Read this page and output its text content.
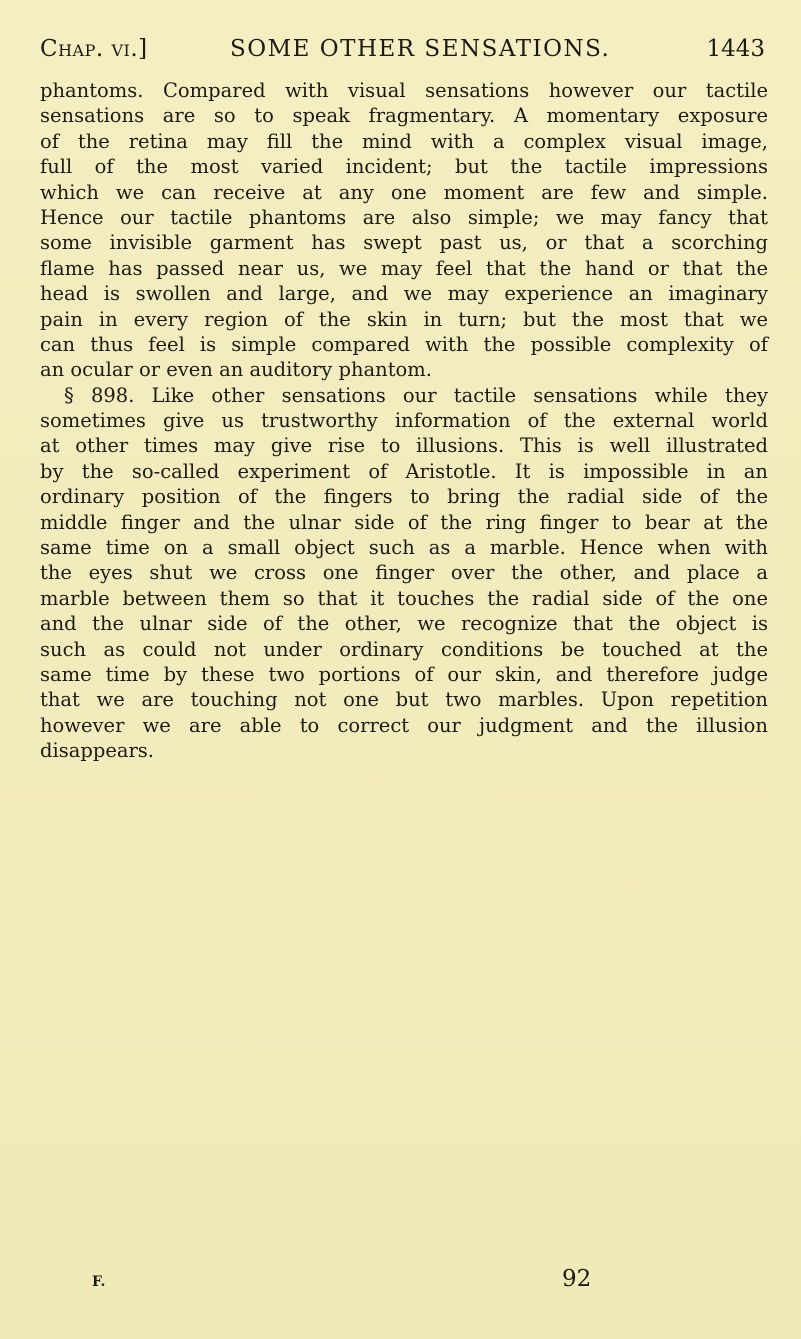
Chap. vi.]	SOME OTHER SENSATIONS.	1443
phantoms. Compared with visual sensations however our tactile
sensations are so to speak fragmentary. A momentary exposure
of the retina may fill the mind with a complex visual image,
full of the most varied incident; but the tactile impressions
which we can receive at any one moment are few and simple.
Hence our tactile phantoms are also simple; we may fancy that
some invisible garment has swept past us, or that a scorching
flame has passed near us, we may feel that the hand or that the
head is swollen and large, and we may experience an imaginary
pain in every region of the skin in turn; but the most that we
can thus feel is simple compared with the possible complexity of
an ocular or even an auditory phantom.
§ 898. Like other sensations our tactile sensations while they
sometimes give us trustworthy information of the external world
at other times may give rise to illusions. This is well illustrated
by the so-called experiment of Aristotle. It is impossible in an
ordinary position of the fingers to bring the radial side of the
middle finger and the ulnar side of the ring finger to bear at the
same time on a small object such as a marble. Hence when with
the eyes shut we cross one finger over the other, and place a
marble between them so that it touches the radial side of the one
and the ulnar side of the other, we recognize that the object is
such as could not under ordinary conditions be touched at the
same time by these two portions of our skin, and therefore judge
that we are touching not one but two marbles. Upon repetition
however we are able to correct our judgment and the illusion
disappears.
F.	92
